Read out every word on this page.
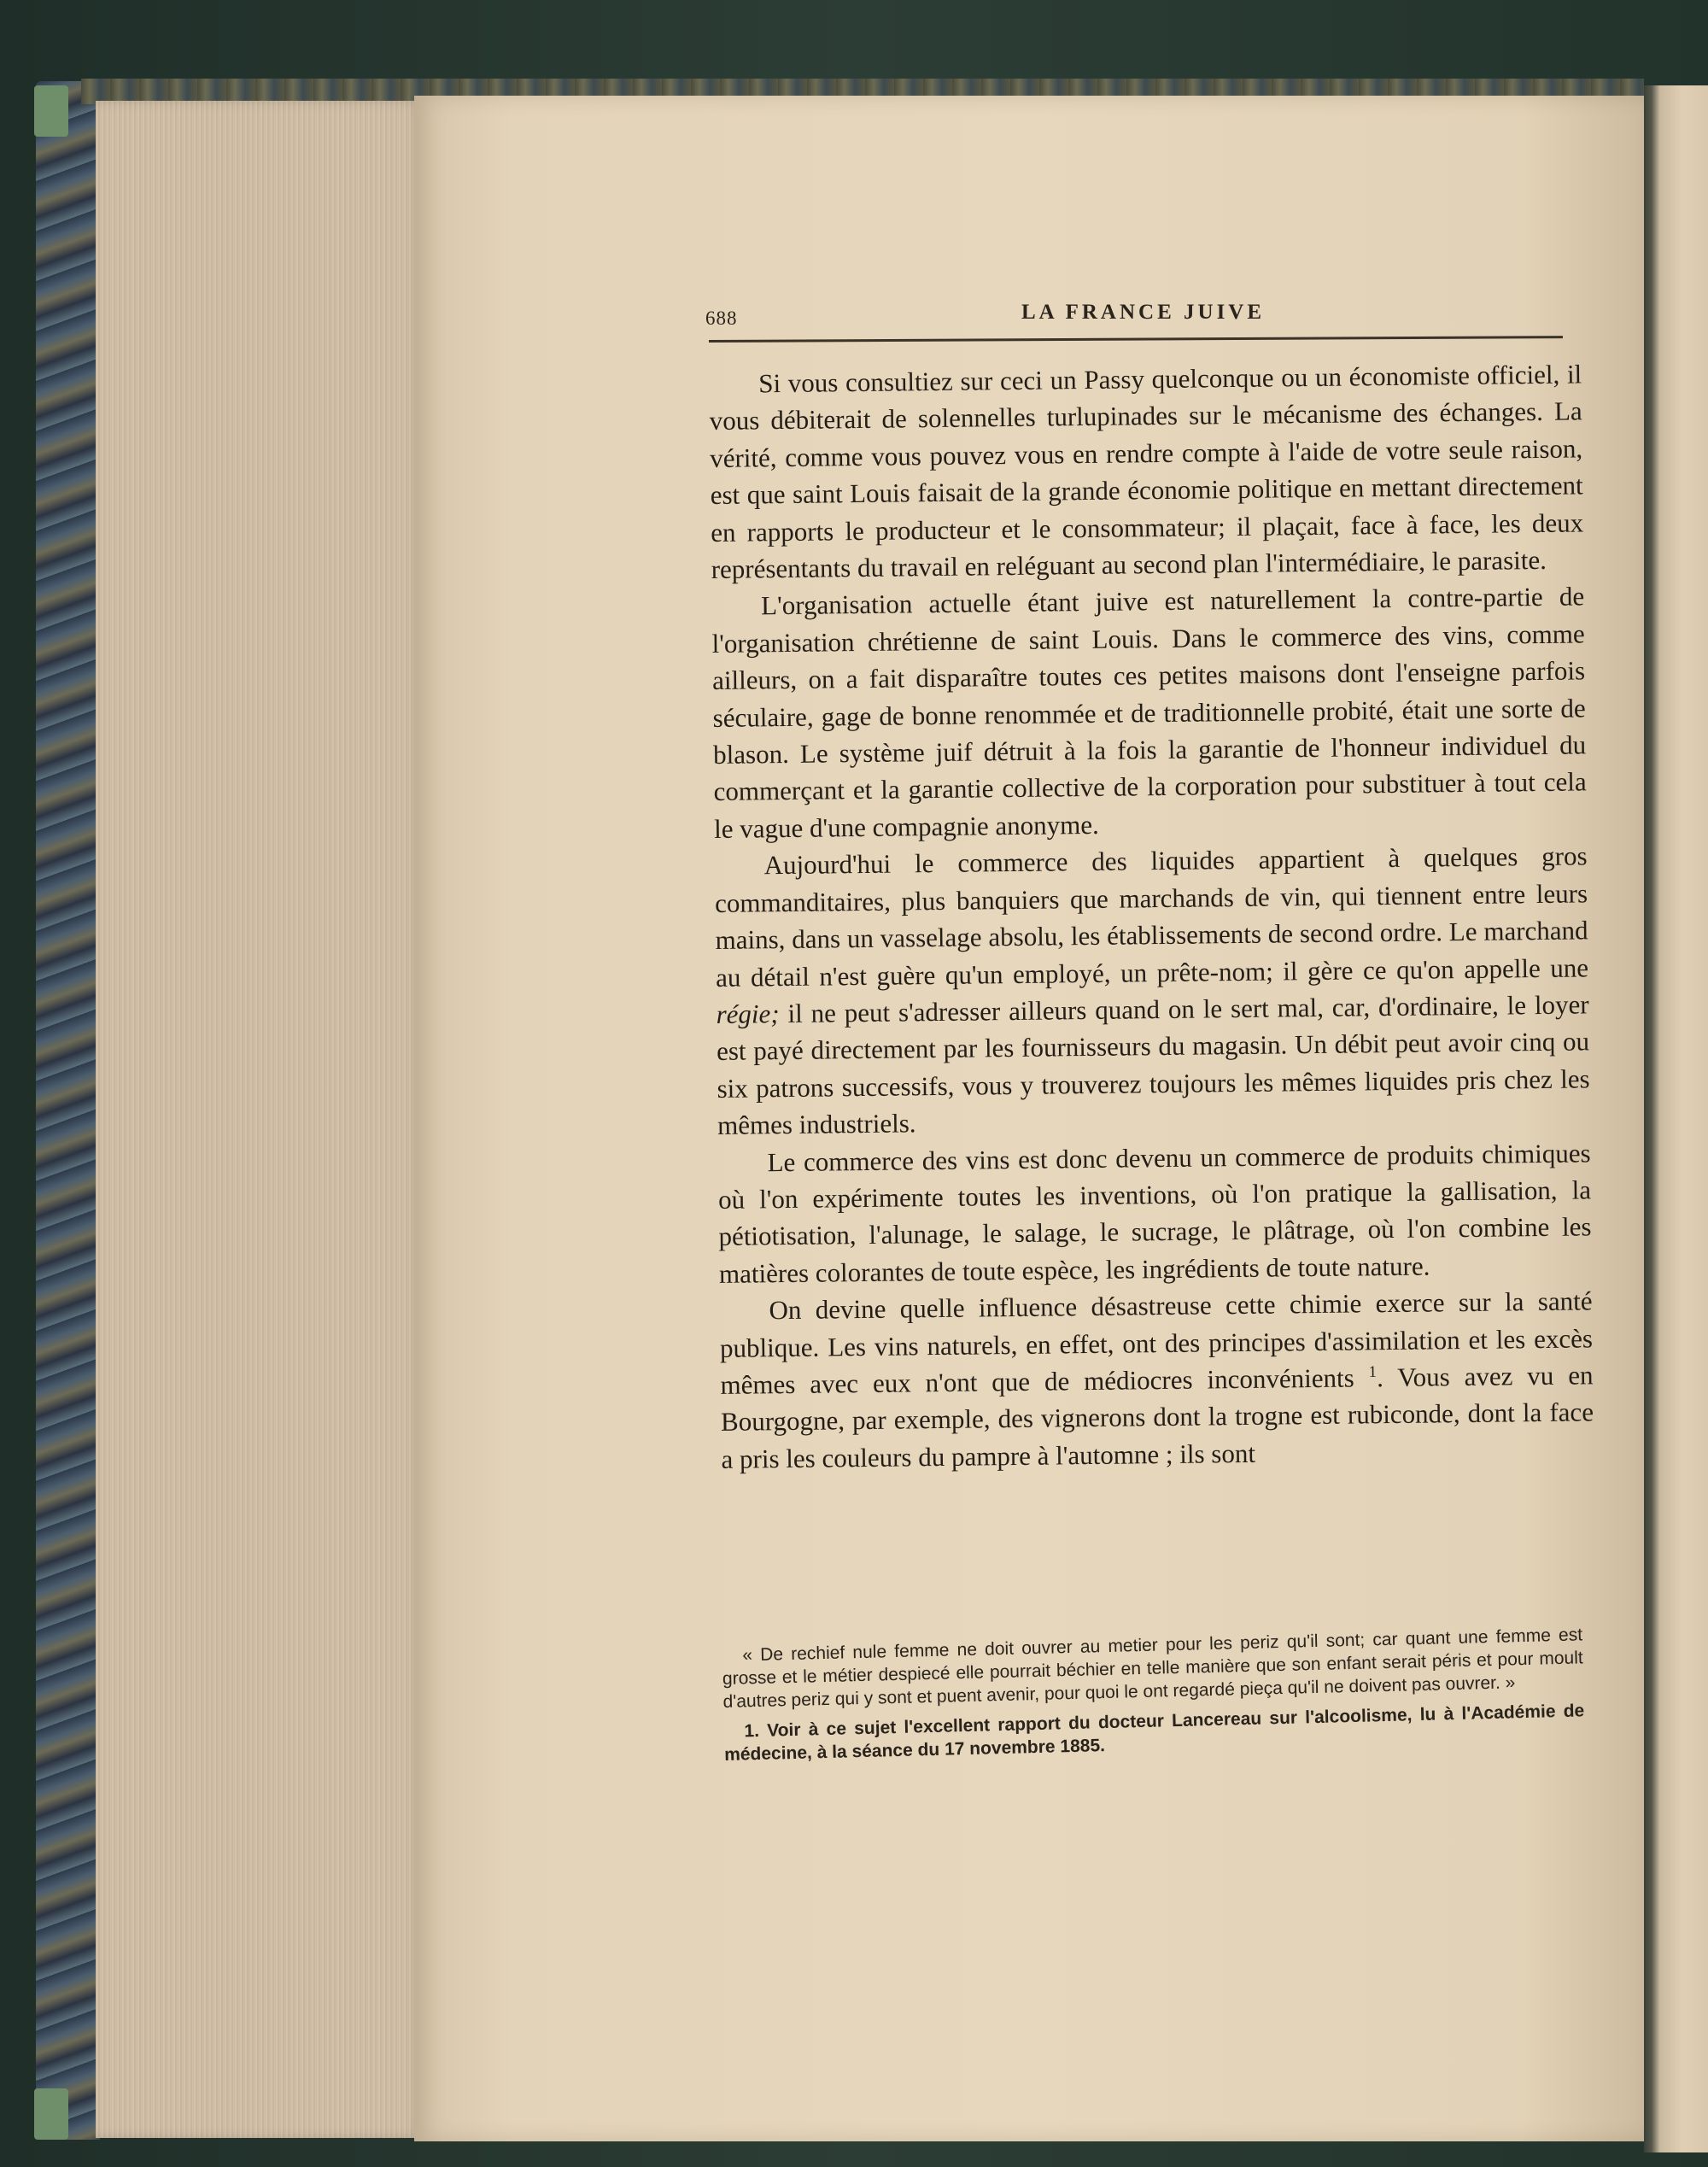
688	LA FRANCE JUIVE

Si vous consultiez sur ceci un Passy quelconque ou un économiste officiel, il vous débiterait de solennelles turlupinades sur le mécanisme des échanges. La vérité, comme vous pouvez vous en rendre compte à l'aide de votre seule raison, est que saint Louis faisait de la grande économie politique en mettant directement en rapports le producteur et le consommateur; il plaçait, face à face, les deux représentants du travail en reléguant au second plan l'intermédiaire, le parasite.

L'organisation actuelle étant juive est naturellement la contre-partie de l'organisation chrétienne de saint Louis. Dans le commerce des vins, comme ailleurs, on a fait disparaître toutes ces petites maisons dont l'enseigne parfois séculaire, gage de bonne renommée et de traditionnelle probité, était une sorte de blason. Le système juif détruit à la fois la garantie de l'honneur individuel du commerçant et la garantie collective de la corporation pour substituer à tout cela le vague d'une compagnie anonyme.

Aujourd'hui le commerce des liquides appartient à quelques gros commanditaires, plus banquiers que marchands de vin, qui tiennent entre leurs mains, dans un vasselage absolu, les établissements de second ordre. Le marchand au détail n'est guère qu'un employé, un prête-nom; il gère ce qu'on appelle une régie; il ne peut s'adresser ailleurs quand on le sert mal, car, d'ordinaire, le loyer est payé directement par les fournisseurs du magasin. Un débit peut avoir cinq ou six patrons successifs, vous y trouverez toujours les mêmes liquides pris chez les mêmes industriels.

Le commerce des vins est donc devenu un commerce de produits chimiques où l'on expérimente toutes les inventions, où l'on pratique la gallisation, la pétiotisation, l'alunage, le salage, le sucrage, le plâtrage, où l'on combine les matières colorantes de toute espèce, les ingrédients de toute nature.

On devine quelle influence désastreuse cette chimie exerce sur la santé publique. Les vins naturels, en effet, ont des principes d'assimilation et les excès mêmes avec eux n'ont que de médiocres inconvénients $^1$. Vous avez vu en Bourgogne, par exemple, des vignerons dont la trogne est rubiconde, dont la face a pris les couleurs du pampre à l'automne ; ils sont

« De rechief nule femme ne doit ouvrer au metier pour les periz qu'il sont; car quant une femme est grosse et le métier despiecé elle pourrait béchier en telle manière que son enfant serait péris et pour moult d'autres periz qui y sont et puent avenir, pour quoi le ont regardé pieça qu'il ne doivent pas ouvrer. »

1. Voir à ce sujet l'excellent rapport du docteur Lancereau sur l'alcoolisme, lu à l'Académie de médecine, à la séance du 17 novembre 1885.
